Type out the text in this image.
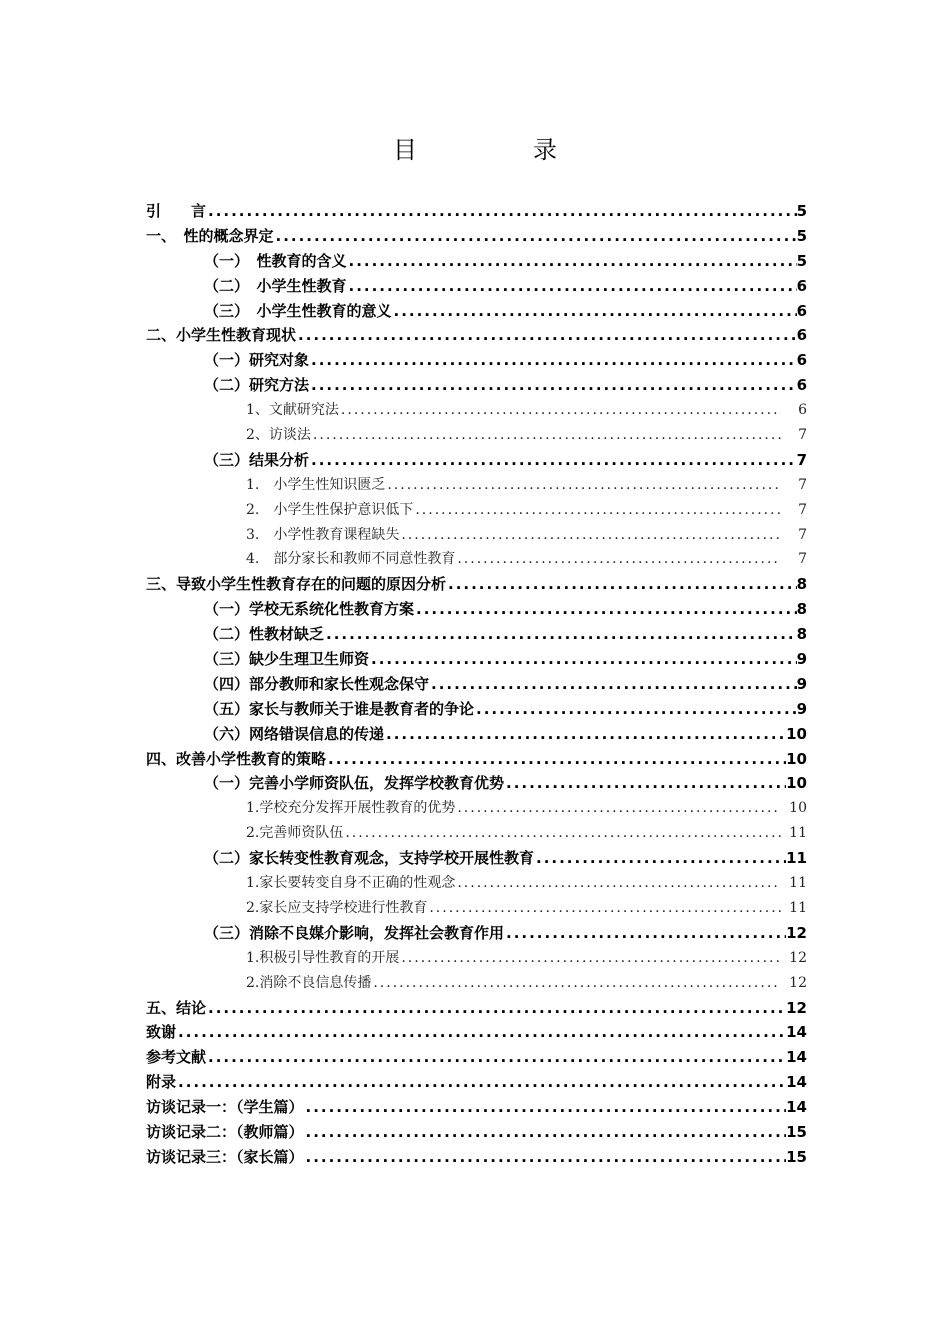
目　录
引　　言 .....	5
一、　性的概念界定 .....	5
（一）　性教育的含义 .....	5
（二）　小学生性教育 .....	6
（三）　小学生性教育的意义 .....	6
二、小学生性教育现状 .....	6
（一）研究对象 .....	6
（二）研究方法 .....	6
1、文献研究法 .....	6
2、访谈法 .....	7
（三）结果分析 .....	7
1.　小学生性知识匮乏 .....	7
2.　小学生性保护意识低下 .....	7
3.　小学性教育课程缺失 .....	7
4.　部分家长和教师不同意性教育 .....	7
三、导致小学生性教育存在的问题的原因分析 .....	8
（一）学校无系统化性教育方案 .....	8
（二）性教材缺乏 .....	8
（三）缺少生理卫生师资 .....	9
（四）部分教师和家长性观念保守 .....	9
（五）家长与教师关于谁是教育者的争论 .....	9
（六）网络错误信息的传递 .....	10
四、改善小学性教育的策略 .....	10
（一）完善小学师资队伍，发挥学校教育优势 .....	10
1.学校充分发挥开展性教育的优势 .....	10
2.完善师资队伍 .....	11
（二）家长转变性教育观念，支持学校开展性教育 .....	11
1.家长要转变自身不正确的性观念 .....	11
2.家长应支持学校进行性教育 .....	11
（三）消除不良媒介影响，发挥社会教育作用 .....	12
1.积极引导性教育的开展 .....	12
2.消除不良信息传播 .....	12
五、结论 .....	12
致谢 .....	14
参考文献 .....	14
附录 .....	14
访谈记录一：（学生篇） .....	14
访谈记录二：（教师篇） .....	15
访谈记录三：（家长篇） .....	15
